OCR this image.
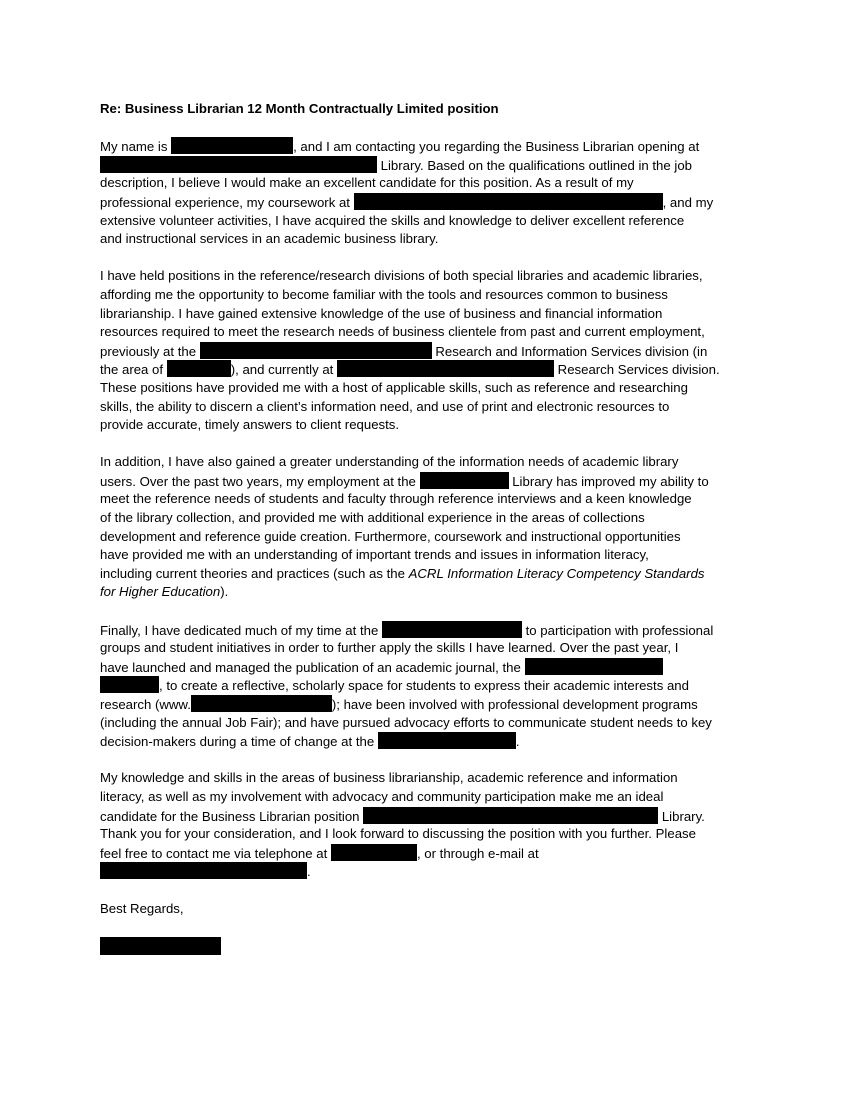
Re: Business Librarian 12 Month Contractually Limited position
My name is	, and I am contacting you regarding the Business Librarian opening at
Library. Based on the qualifications outlined in the job
description, I believe I would make an excellent candidate for this position. As a result of my
professional experience, my coursework at	, and my
extensive volunteer activities, I have acquired the skills and knowledge to deliver excellent reference
and instructional services in an academic business library.
I have held positions in the reference/research divisions of both special libraries and academic libraries,
affording me the opportunity to become familiar with the tools and resources common to business
librarianship. I have gained extensive knowledge of the use of business and financial information
resources required to meet the research needs of business clientele from past and current employment,
previously at the	Research and Information Services division (in
the area of	), and currently at	Research Services division.
These positions have provided me with a host of applicable skills, such as reference and researching
skills, the ability to discern a client’s information need, and use of print and electronic resources to
provide accurate, timely answers to client requests.
In addition, I have also gained a greater understanding of the information needs of academic library
users. Over the past two years, my employment at the	Library has improved my ability to
meet the reference needs of students and faculty through reference interviews and a keen knowledge
of the library collection, and provided me with additional experience in the areas of collections
development and reference guide creation. Furthermore, coursework and instructional opportunities
have provided me with an understanding of important trends and issues in information literacy,
including current theories and practices (such as the ACRL Information Literacy Competency Standards
for Higher Education).
Finally, I have dedicated much of my time at the	to participation with professional
groups and student initiatives in order to further apply the skills I have learned. Over the past year, I
have launched and managed the publication of an academic journal, the
, to create a reflective, scholarly space for students to express their academic interests and
research (www.	); have been involved with professional development programs
(including the annual Job Fair); and have pursued advocacy efforts to communicate student needs to key
decision-makers during a time of change at the	.
My knowledge and skills in the areas of business librarianship, academic reference and information
literacy, as well as my involvement with advocacy and community participation make me an ideal
candidate for the Business Librarian position	Library.
Thank you for your consideration, and I look forward to discussing the position with you further. Please
feel free to contact me via telephone at	, or through e-mail at
.
Best Regards,
